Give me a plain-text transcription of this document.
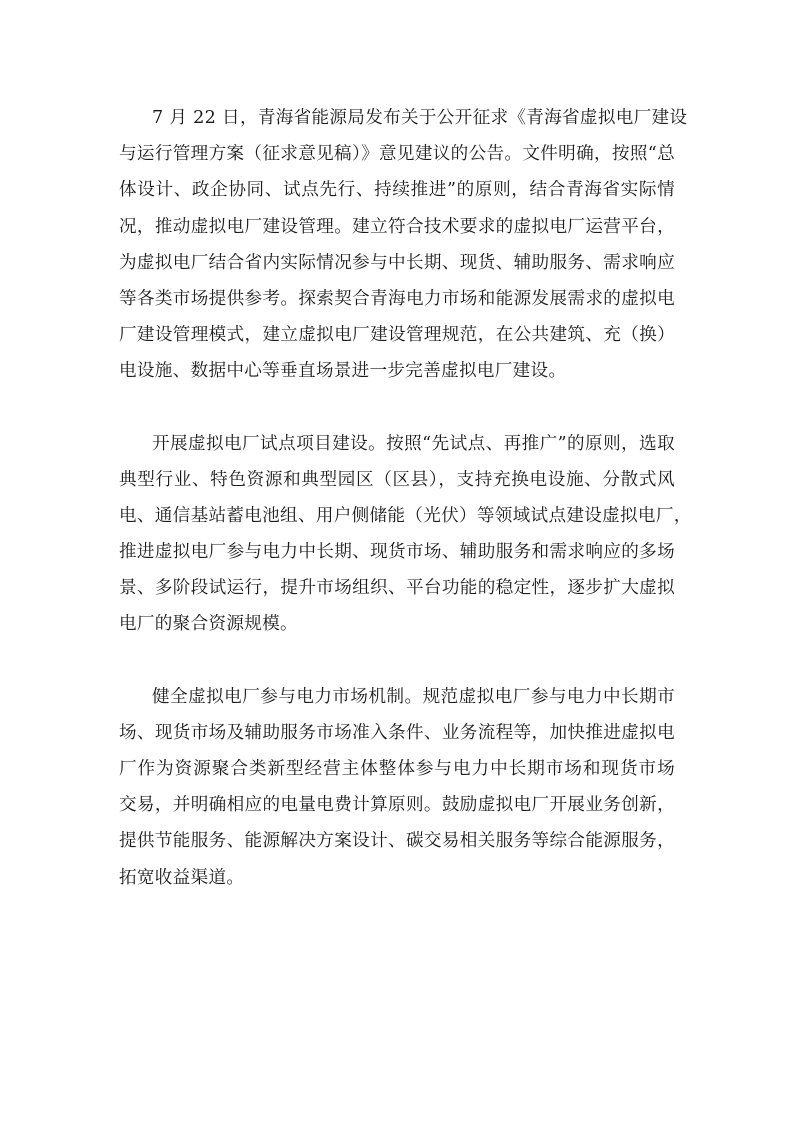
7 月 22 日，青海省能源局发布关于公开征求《青海省虚拟电厂建设
与运行管理方案（征求意见稿）》意见建议的公告。文件明确，按照“总
体设计、政企协同、试点先行、持续推进”的原则，结合青海省实际情
况，推动虚拟电厂建设管理。建立符合技术要求的虚拟电厂运营平台，
为虚拟电厂结合省内实际情况参与中长期、现货、辅助服务、需求响应
等各类市场提供参考。探索契合青海电力市场和能源发展需求的虚拟电
厂建设管理模式，建立虚拟电厂建设管理规范，在公共建筑、充（换）
电设施、数据中心等垂直场景进一步完善虚拟电厂建设。

开展虚拟电厂试点项目建设。按照“先试点、再推广”的原则，选取
典型行业、特色资源和典型园区（区县），支持充换电设施、分散式风
电、通信基站蓄电池组、用户侧储能（光伏）等领域试点建设虚拟电厂，
推进虚拟电厂参与电力中长期、现货市场、辅助服务和需求响应的多场
景、多阶段试运行，提升市场组织、平台功能的稳定性，逐步扩大虚拟
电厂的聚合资源规模。

健全虚拟电厂参与电力市场机制。规范虚拟电厂参与电力中长期市
场、现货市场及辅助服务市场准入条件、业务流程等，加快推进虚拟电
厂作为资源聚合类新型经营主体整体参与电力中长期市场和现货市场
交易，并明确相应的电量电费计算原则。鼓励虚拟电厂开展业务创新，
提供节能服务、能源解决方案设计、碳交易相关服务等综合能源服务，
拓宽收益渠道。
